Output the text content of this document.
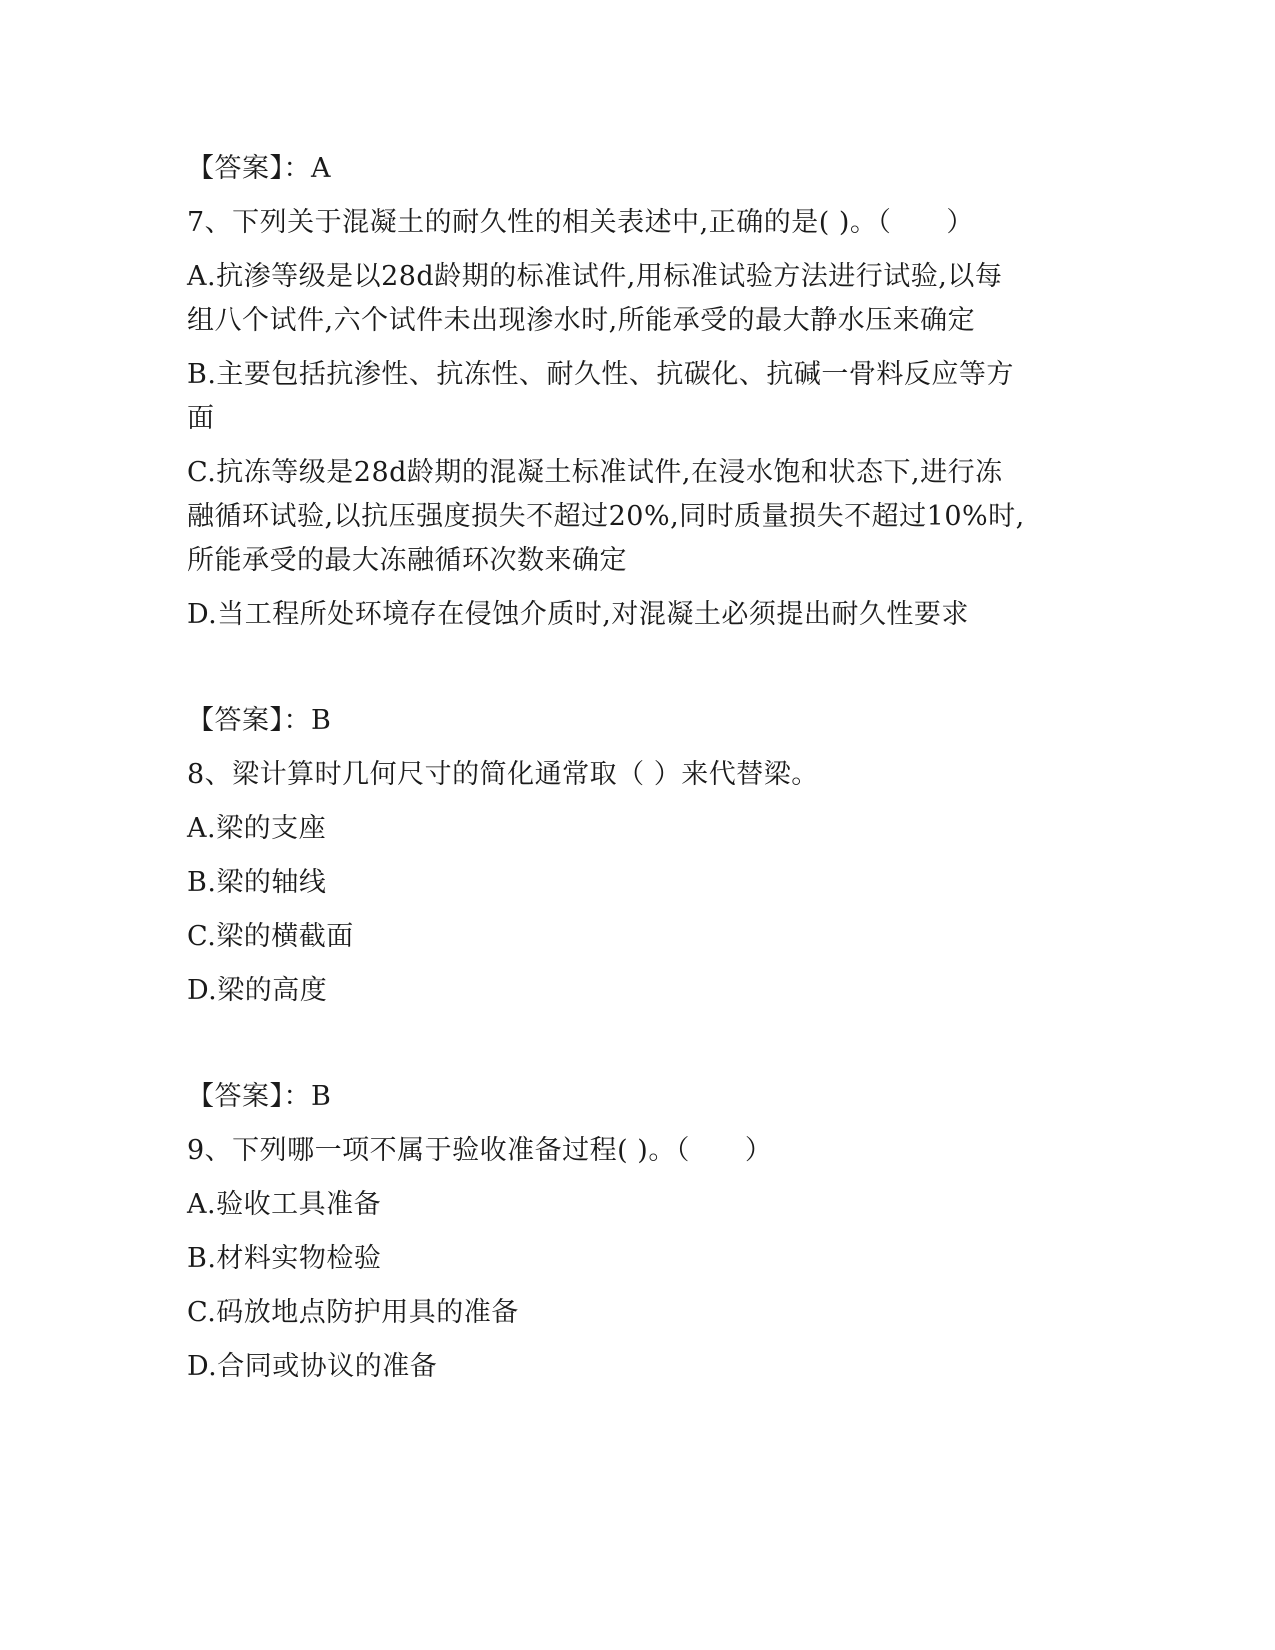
【答案】：A
7、下列关于混凝土的耐久性的相关表述中,正确的是( )。（　　）
A.抗渗等级是以28d龄期的标准试件,用标准试验方法进行试验,以每
组八个试件,六个试件未出现渗水时,所能承受的最大静水压来确定
B.主要包括抗渗性、抗冻性、耐久性、抗碳化、抗碱一骨料反应等方
面
C.抗冻等级是28d龄期的混凝土标准试件,在浸水饱和状态下,进行冻
融循环试验,以抗压强度损失不超过20%,同时质量损失不超过10%时,
所能承受的最大冻融循环次数来确定
D.当工程所处环境存在侵蚀介质时,对混凝土必须提出耐久性要求
【答案】：B
8、梁计算时几何尺寸的简化通常取（ ）来代替梁。
A.梁的支座
B.梁的轴线
C.梁的横截面
D.梁的高度
【答案】：B
9、下列哪一项不属于验收准备过程( )。（　　）
A.验收工具准备
B.材料实物检验
C.码放地点防护用具的准备
D.合同或协议的准备
